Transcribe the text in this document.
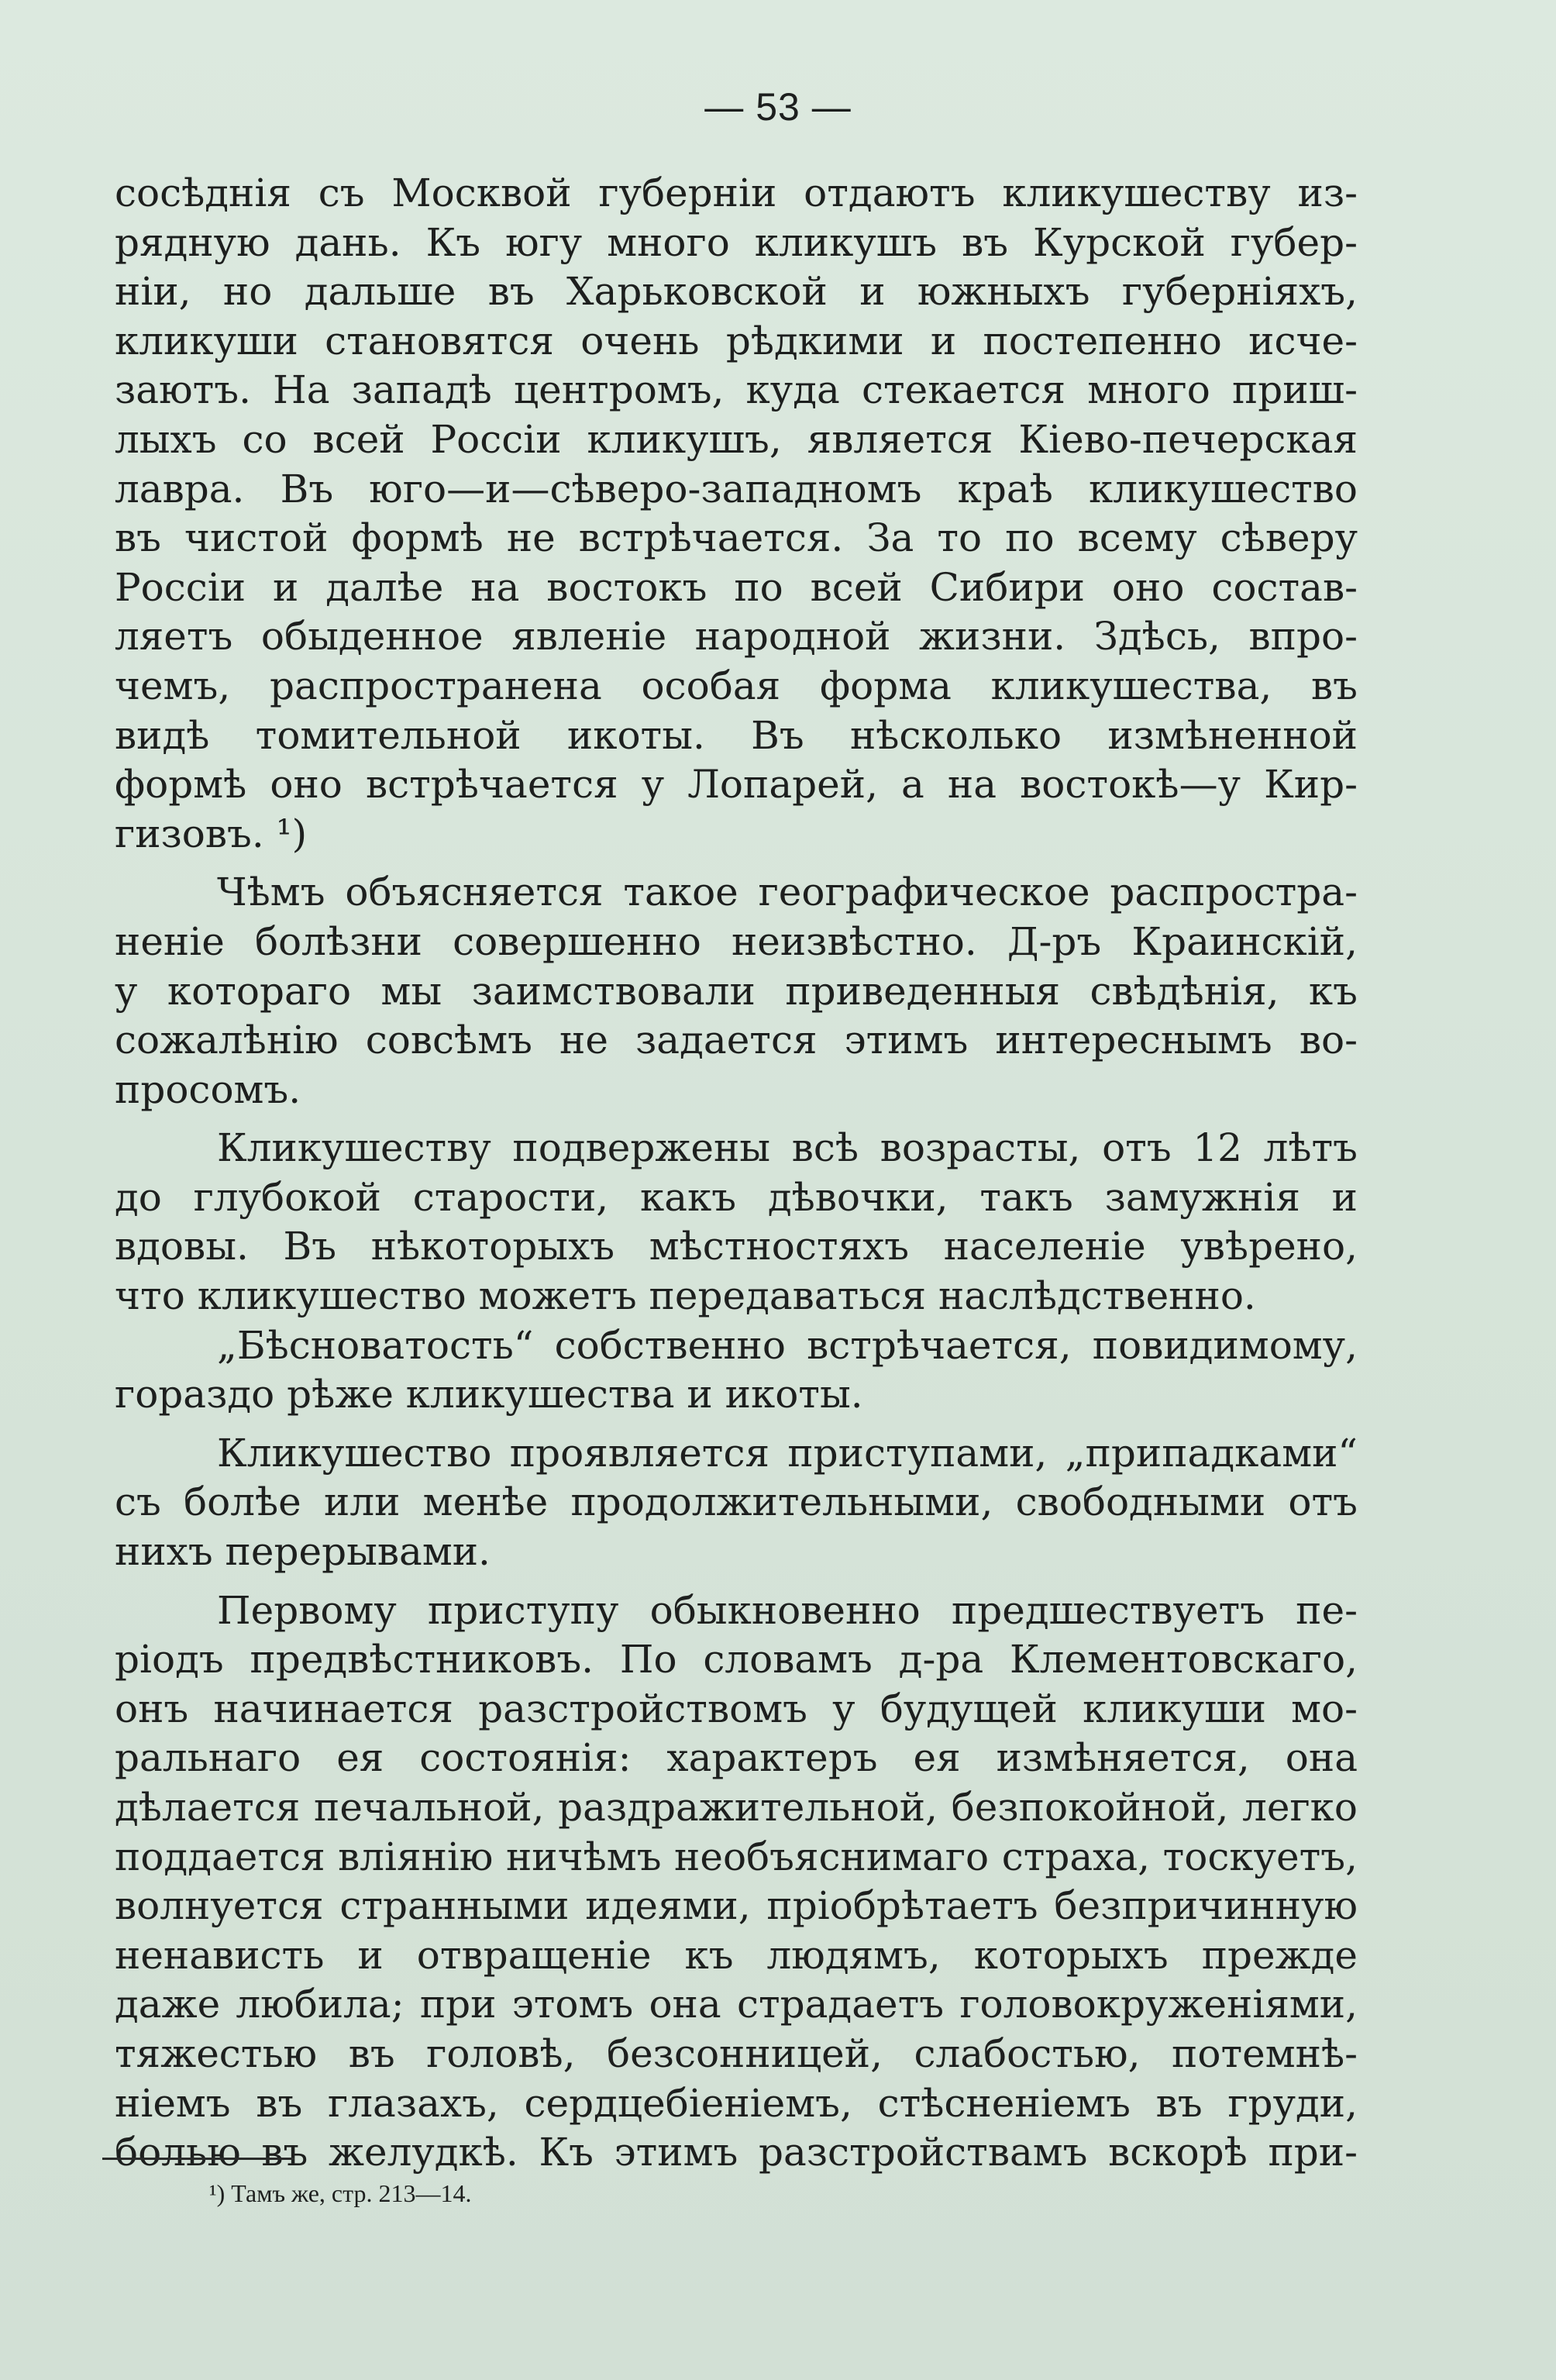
— 53 —
сосѣднія съ Москвой губерніи отдаютъ кликушеству из-
рядную дань. Къ югу много кликушъ въ Курской губер-
ніи, но дальше въ Харьковской и южныхъ губерніяхъ,
кликуши становятся очень рѣдкими и постепенно исче-
заютъ. На западѣ центромъ, куда стекается много приш-
лыхъ со всей Россіи кликушъ, является Кіево-печерская
лавра. Въ юго—и—сѣверо-западномъ краѣ кликушество
въ чистой формѣ не встрѣчается. За то по всему сѣверу
Россіи и далѣе на востокъ по всей Сибири оно состав-
ляетъ обыденное явленіе народной жизни. Здѣсь, впро-
чемъ, распространена особая форма кликушества, въ
видѣ томительной икоты. Въ нѣсколько измѣненной
формѣ оно встрѣчается у Лопарей, а на востокѣ—у Кир-
гизовъ. ¹)
Чѣмъ объясняется такое географическое распростра-
неніе болѣзни совершенно неизвѣстно. Д-ръ Краинскій,
у котораго мы заимствовали приведенныя свѣдѣнія, къ
сожалѣнію совсѣмъ не задается этимъ интереснымъ во-
просомъ.
Кликушеству подвержены всѣ возрасты, отъ 12 лѣтъ
до глубокой старости, какъ дѣвочки, такъ замужнія и
вдовы. Въ нѣкоторыхъ мѣстностяхъ населеніе увѣрено,
что кликушество можетъ передаваться наслѣдственно.
„Бѣсноватость“ собственно встрѣчается, повидимому,
гораздо рѣже кликушества и икоты.
Кликушество проявляется приступами, „припадками“
съ болѣе или менѣе продолжительными, свободными отъ
нихъ перерывами.
Первому приступу обыкновенно предшествуетъ пе-
ріодъ предвѣстниковъ. По словамъ д-ра Клементовскаго,
онъ начинается разстройствомъ у будущей кликуши мо-
ральнаго ея состоянія: характеръ ея измѣняется, она
дѣлается печальной, раздражительной, безпокойной, легко
поддается вліянію ничѣмъ необъяснимаго страха, тоскуетъ,
волнуется странными идеями, пріобрѣтаетъ безпричинную
ненависть и отвращеніе къ людямъ, которыхъ прежде
даже любила; при этомъ она страдаетъ головокруженіями,
тяжестью въ головѣ, безсонницей, слабостью, потемнѣ-
ніемъ въ глазахъ, сердцебіеніемъ, стѣсненіемъ въ груди,
болью въ желудкѣ. Къ этимъ разстройствамъ вскорѣ при-
¹) Тамъ же, стр. 213—14.
